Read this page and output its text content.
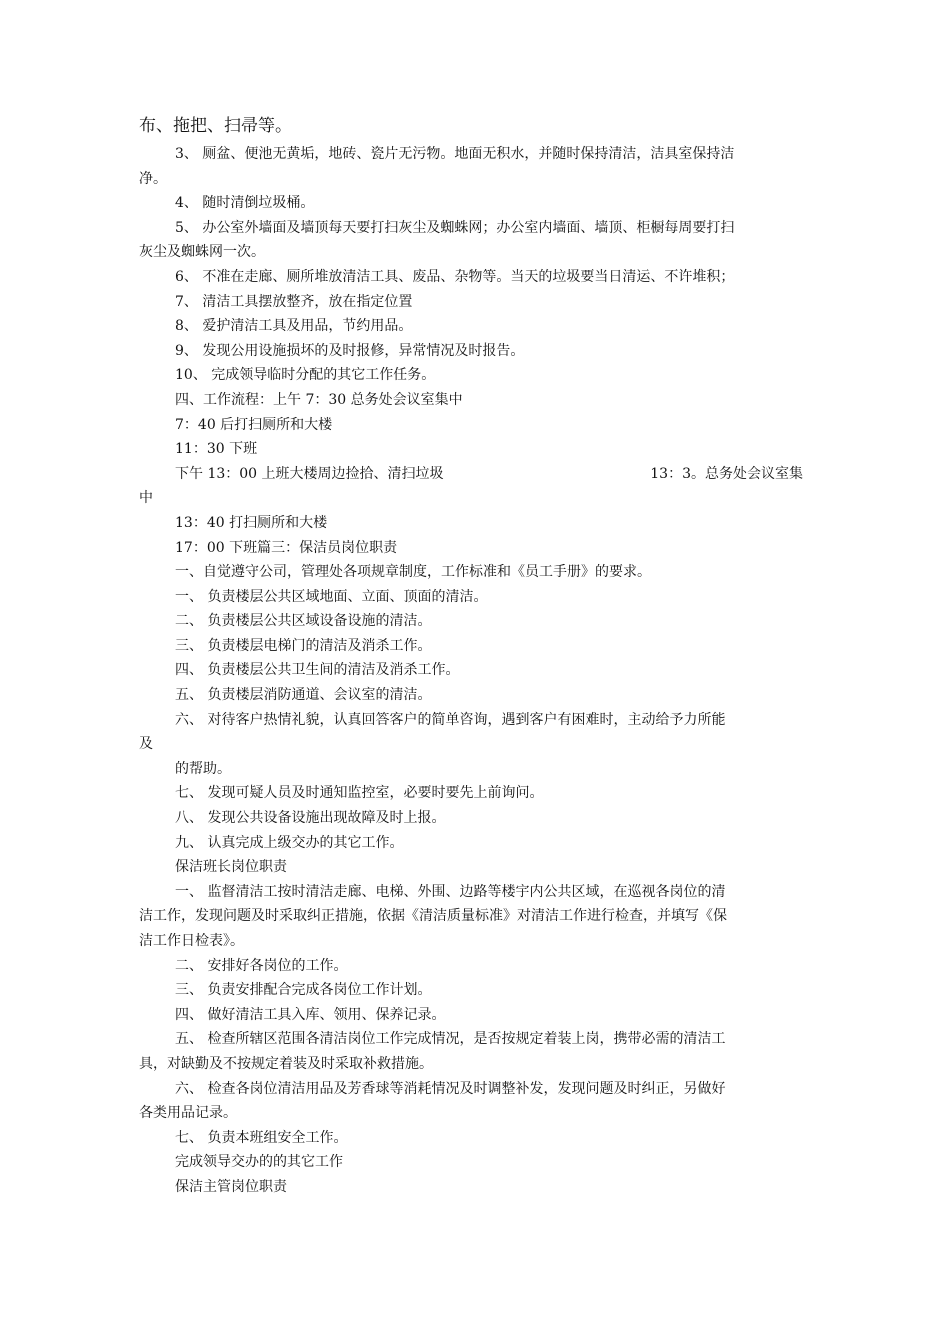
布、拖把、扫帚等。
3、 厕盆、便池无黄垢，地砖、瓷片无污物。地面无积水，并随时保持清洁，洁具室保持洁
净。
4、 随时清倒垃圾桶。
5、 办公室外墙面及墙顶每天要打扫灰尘及蜘蛛网；办公室内墙面、墙顶、柜橱每周要打扫
灰尘及蜘蛛网一次。
6、 不准在走廊、厕所堆放清洁工具、废品、杂物等。当天的垃圾要当日清运、不许堆积；
7、 清洁工具摆放整齐，放在指定位置
8、 爱护清洁工具及用品，节约用品。
9、 发现公用设施损坏的及时报修，异常情况及时报告。
10、 完成领导临时分配的其它工作任务。
四、工作流程：上午 7：30 总务处会议室集中
7：40 后打扫厕所和大楼
11：30 下班
下午 13：00 上班大楼周边捡拾、清扫垃圾	13：3。总务处会议室集
中
13：40 打扫厕所和大楼
17：00 下班篇三：保洁员岗位职责
一、自觉遵守公司，管理处各项规章制度，工作标准和《员工手册》的要求。
一、 负责楼层公共区域地面、立面、顶面的清洁。
二、 负责楼层公共区域设备设施的清洁。
三、 负责楼层电梯门的清洁及消杀工作。
四、 负责楼层公共卫生间的清洁及消杀工作。
五、 负责楼层消防通道、会议室的清洁。
六、 对待客户热情礼貌，认真回答客户的简单咨询，遇到客户有困难时，主动给予力所能
及
的帮助。
七、 发现可疑人员及时通知监控室，必要时要先上前询问。
八、 发现公共设备设施出现故障及时上报。
九、 认真完成上级交办的其它工作。
保洁班长岗位职责
一、 监督清洁工按时清洁走廊、电梯、外围、边路等楼宇内公共区域，在巡视各岗位的清
洁工作，发现问题及时采取纠正措施，依据《清洁质量标准》对清洁工作进行检查，并填写《保
洁工作日检表》。
二、 安排好各岗位的工作。
三、 负责安排配合完成各岗位工作计划。
四、 做好清洁工具入库、领用、保养记录。
五、 检查所辖区范围各清洁岗位工作完成情况，是否按规定着装上岗，携带必需的清洁工
具，对缺勤及不按规定着装及时采取补救措施。
六、 检查各岗位清洁用品及芳香球等消耗情况及时调整补发，发现问题及时纠正，另做好
各类用品记录。
七、 负责本班组安全工作。
完成领导交办的的其它工作
保洁主管岗位职责
